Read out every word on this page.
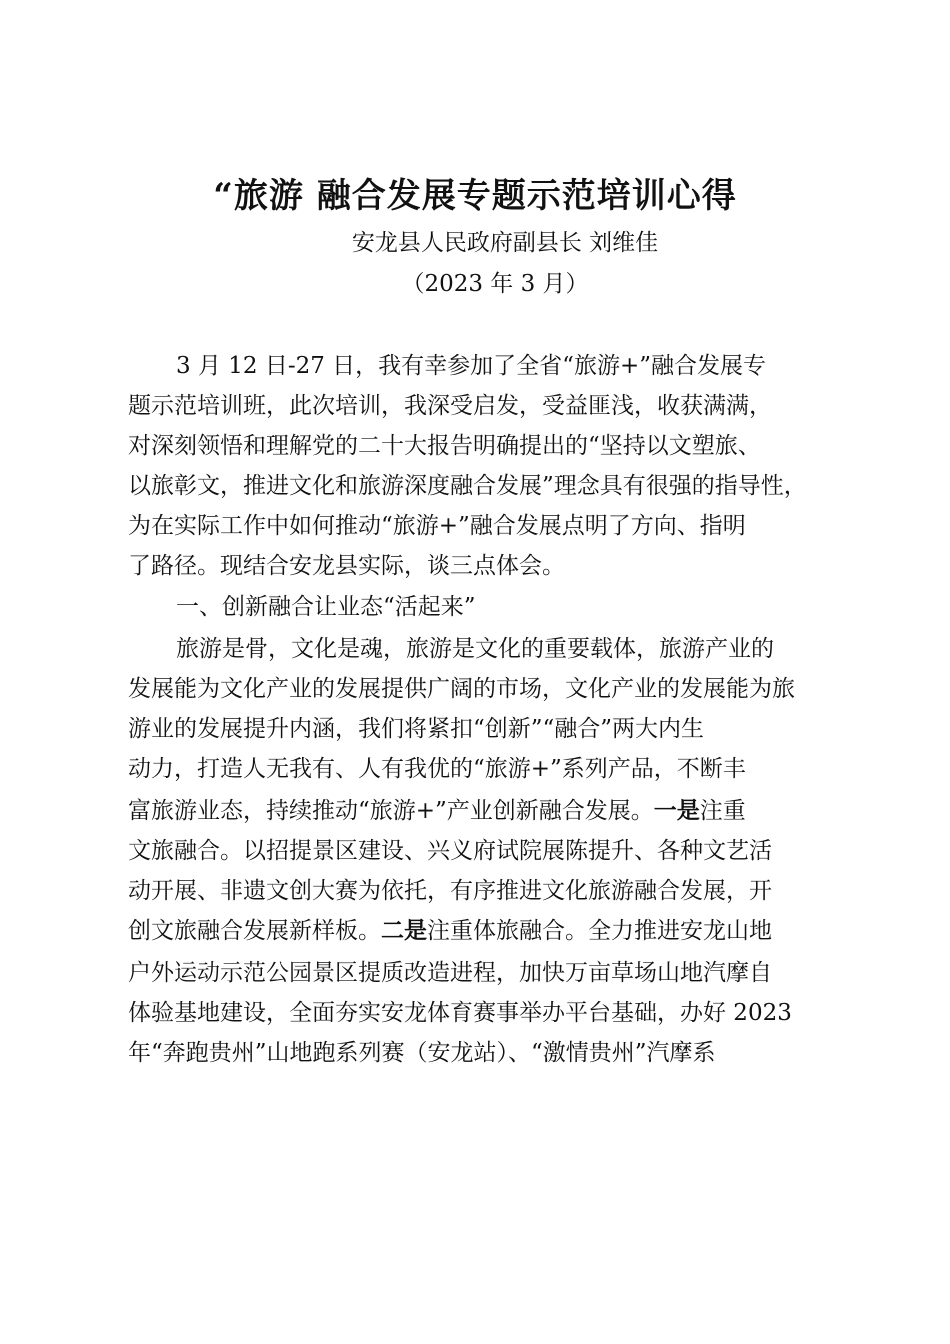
“旅游 融合发展专题示范培训心得
安龙县人民政府副县长 刘维佳
（2023 年 3 月）
3 月 12 日-27 日，我有幸参加了全省“旅游+”融合发展专
题示范培训班，此次培训，我深受启发，受益匪浅，收获满满，
对深刻领悟和理解党的二十大报告明确提出的“坚持以文塑旅、
以旅彰文，推进文化和旅游深度融合发展”理念具有很强的指导性，
为在实际工作中如何推动“旅游+”融合发展点明了方向、指明
了路径。现结合安龙县实际，谈三点体会。
一、创新融合让业态“活起来”
旅游是骨，文化是魂，旅游是文化的重要载体，旅游产业的
发展能为文化产业的发展提供广阔的市场，文化产业的发展能为旅
游业的发展提升内涵，我们将紧扣“创新”“融合”两大内生
动力，打造人无我有、人有我优的“旅游+”系列产品，不断丰
富旅游业态，持续推动“旅游+”产业创新融合发展。一是注重
文旅融合。以招提景区建设、兴义府试院展陈提升、各种文艺活
动开展、非遗文创大赛为依托，有序推进文化旅游融合发展，开
创文旅融合发展新样板。二是注重体旅融合。全力推进安龙山地
户外运动示范公园景区提质改造进程，加快万亩草场山地汽摩自
体验基地建设，全面夯实安龙体育赛事举办平台基础，办好 2023
年“奔跑贵州”山地跑系列赛（安龙站）、“激情贵州”汽摩系
